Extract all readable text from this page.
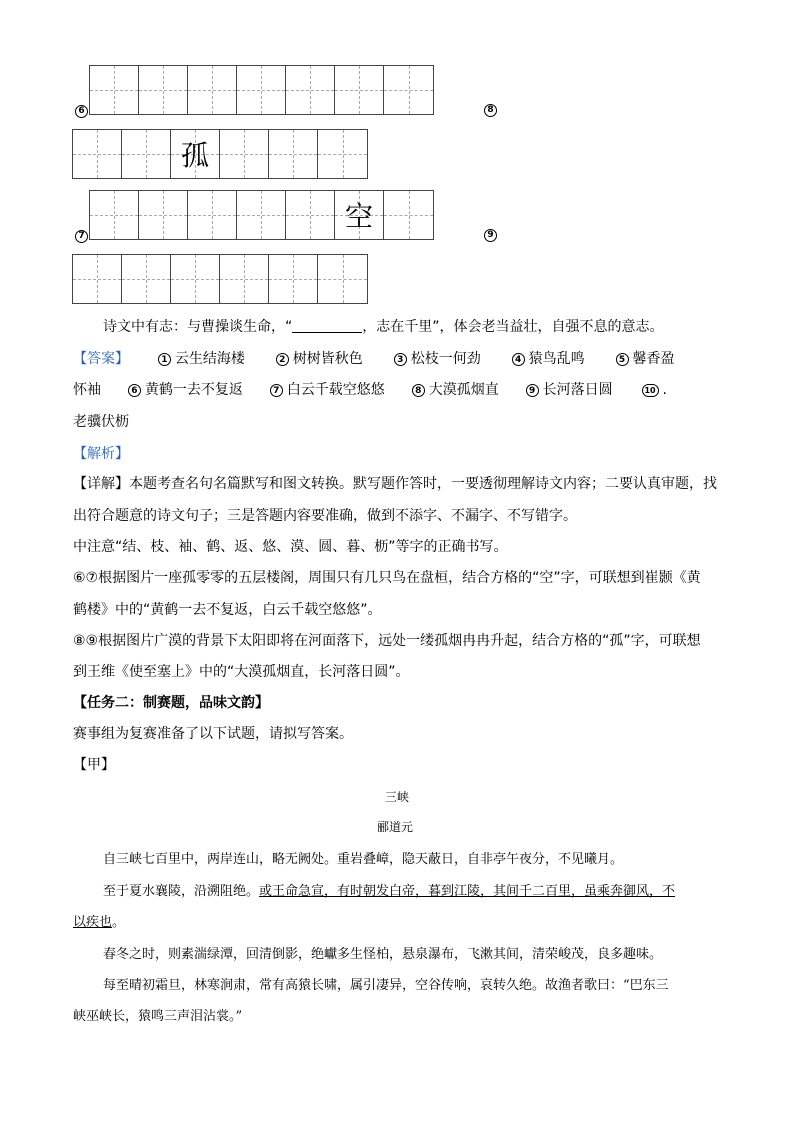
6	8
孤
空
7	9
诗文中有志：与曹操谈生命，“	，志在千里”，体会老当益壮，自强不息的意志。
【答案】	1 云生结海楼	2 树树皆秋色	3 松枝一何劲	4 猿鸟乱鸣	5 馨香盈
怀袖	6 黄鹤一去不复返	7 白云千载空悠悠	8 大漠孤烟直	9 长河落日圆	10 .
老骥伏枥
【解析】
【详解】本题考查名句名篇默写和图文转换。默写题作答时，一要透彻理解诗文内容；二要认真审题，找
出符合题意的诗文句子；三是答题内容要准确，做到不添字、不漏字、不写错字。
中注意“结、枝、袖、鹤、返、悠、漠、圆、暮、枥”等字的正确书写。
⑥⑦根据图片一座孤零零的五层楼阁，周围只有几只鸟在盘桓，结合方格的“空”字，可联想到崔颢《黄
鹤楼》中的“黄鹤一去不复返，白云千载空悠悠”。
⑧⑨根据图片广漠的背景下太阳即将在河面落下，远处一缕孤烟冉冉升起，结合方格的“孤”字，可联想
到王维《使至塞上》中的“大漠孤烟直，长河落日圆”。
【任务二：制赛题，品味文韵】
赛事组为复赛准备了以下试题，请拟写答案。
【甲】
三峡
郦道元
自三峡七百里中，两岸连山，略无阙处。重岩叠嶂，隐天蔽日，自非亭午夜分，不见曦月。
至于夏水襄陵，沿溯阻绝。或王命急宣，有时朝发白帝，暮到江陵，其间千二百里，虽乘奔御风，不
以疾也。
春冬之时，则素湍绿潭，回清倒影，绝巘多生怪柏，悬泉瀑布，飞漱其间，清荣峻茂，良多趣味。
每至晴初霜旦，林寒涧肃，常有高猿长啸，属引凄异，空谷传响，哀转久绝。故渔者歌曰：“巴东三
峡巫峡长，猿鸣三声泪沾裳。”
